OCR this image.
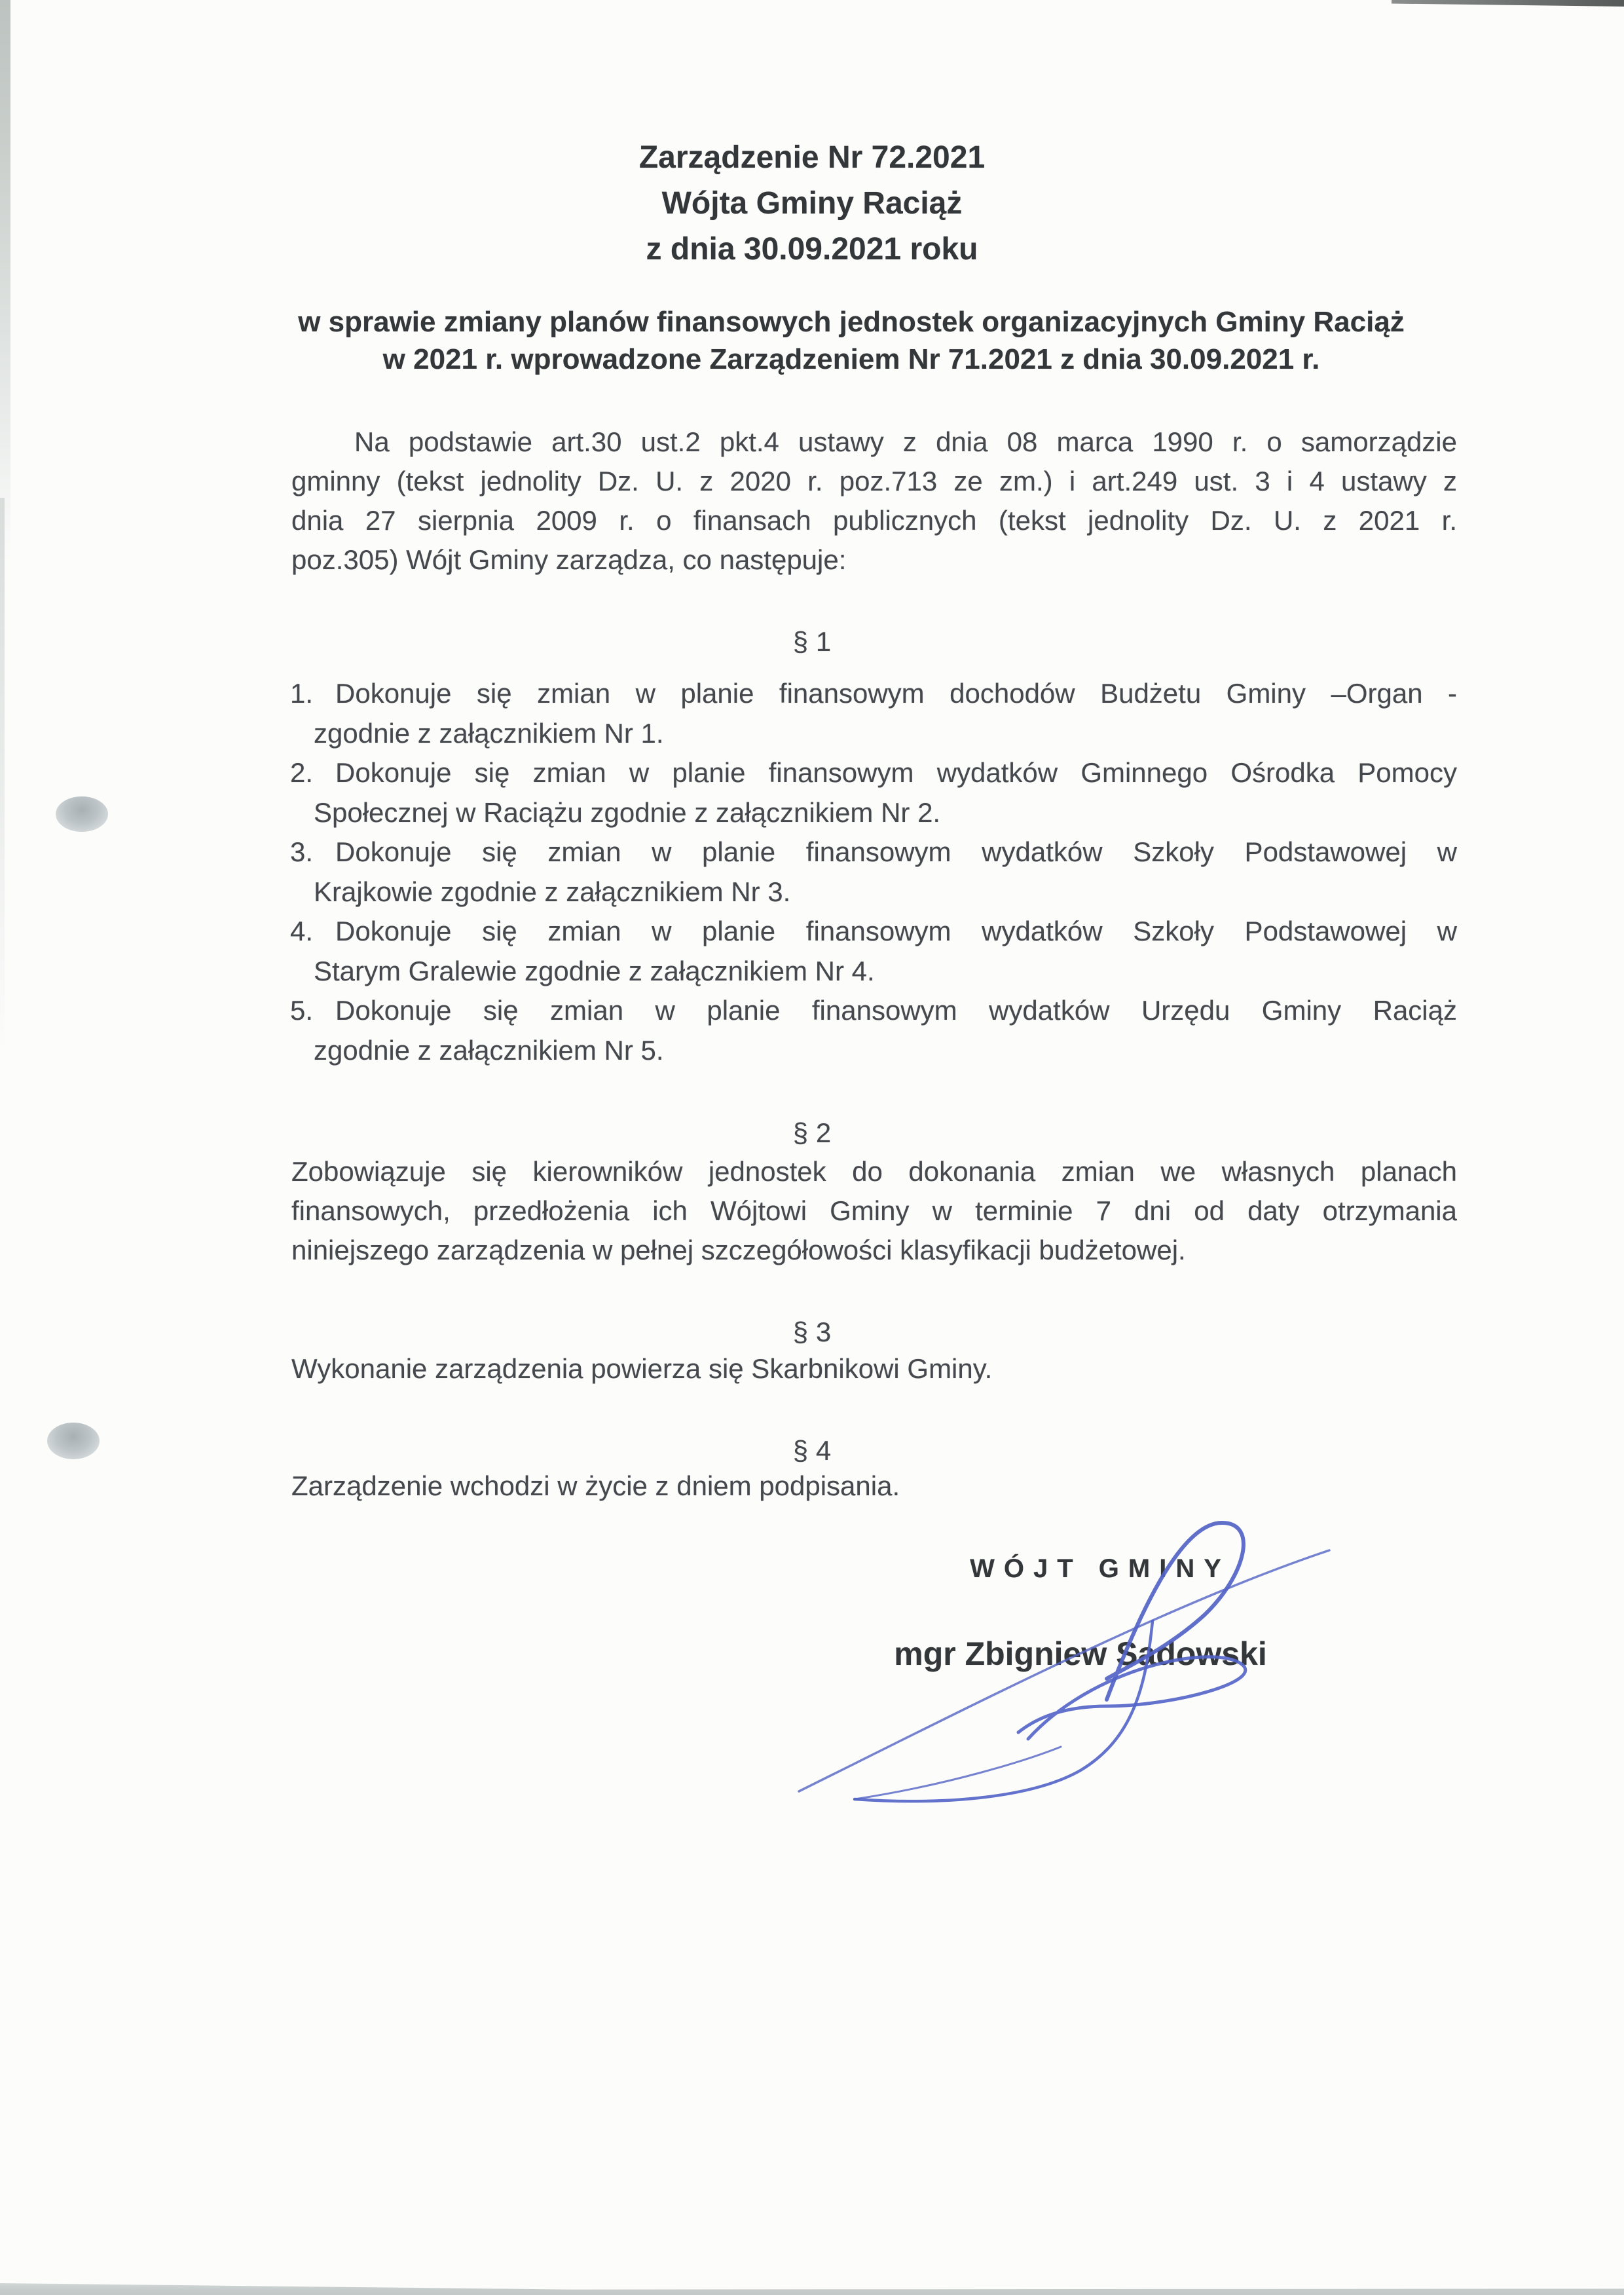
Zarządzenie Nr 72.2021
Wójta Gminy Raciąż
z dnia 30.09.2021 roku
w sprawie zmiany planów finansowych jednostek organizacyjnych Gminy Raciąż
w 2021 r. wprowadzone Zarządzeniem Nr 71.2021 z dnia 30.09.2021 r.
Na podstawie art.30 ust.2 pkt.4 ustawy z dnia 08 marca 1990 r. o samorządzie
gminny (tekst jednolity Dz. U. z 2020 r. poz.713 ze zm.) i art.249 ust. 3 i 4 ustawy z
dnia 27 sierpnia 2009 r. o finansach publicznych (tekst jednolity Dz. U. z 2021 r.
poz.305) Wójt Gminy zarządza, co następuje:
§ 1
1. Dokonuje się zmian w planie finansowym dochodów Budżetu Gminy –Organ -
zgodnie z załącznikiem Nr 1.
2. Dokonuje się zmian w planie finansowym wydatków Gminnego Ośrodka Pomocy
Społecznej w Raciążu zgodnie z załącznikiem Nr 2.
3. Dokonuje się zmian w planie finansowym wydatków Szkoły Podstawowej w
Krajkowie zgodnie z załącznikiem Nr 3.
4. Dokonuje się zmian w planie finansowym wydatków Szkoły Podstawowej w
Starym Gralewie zgodnie z załącznikiem Nr 4.
5. Dokonuje się zmian w planie finansowym wydatków Urzędu Gminy Raciąż
zgodnie z załącznikiem Nr 5.
§ 2
Zobowiązuje się kierowników jednostek do dokonania zmian we własnych planach
finansowych, przedłożenia ich Wójtowi Gminy w terminie 7 dni od daty otrzymania
niniejszego zarządzenia w pełnej szczegółowości klasyfikacji budżetowej.
§ 3
Wykonanie zarządzenia powierza się Skarbnikowi Gminy.
§ 4
Zarządzenie wchodzi w życie z dniem podpisania.
WÓJT GMINY
mgr Zbigniew Sadowski
